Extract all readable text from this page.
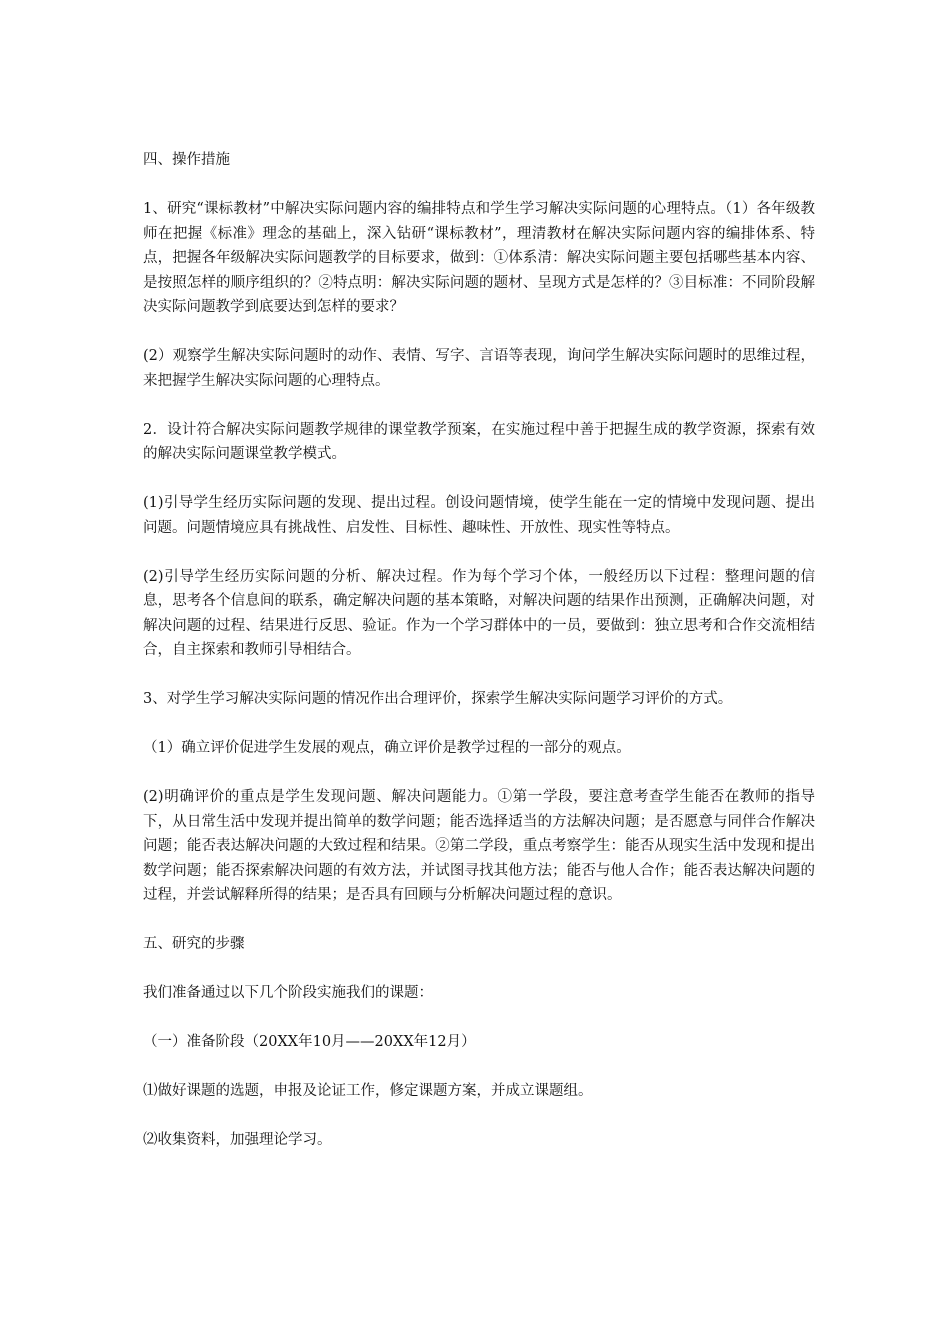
四、操作措施

1、研究“课标教材”中解决实际问题内容的编排特点和学生学习解决实际问题的心理特点。（1）各年级教师在把握《标准》理念的基础上，深入钻研“课标教材”，理清教材在解决实际问题内容的编排体系、特点，把握各年级解决实际问题教学的目标要求，做到：①体系清：解决实际问题主要包括哪些基本内容、是按照怎样的顺序组织的？②特点明：解决实际问题的题材、呈现方式是怎样的？③目标准：不同阶段解决实际问题教学到底要达到怎样的要求？

(2）观察学生解决实际问题时的动作、表情、写字、言语等表现，询问学生解决实际问题时的思维过程，来把握学生解决实际问题的心理特点。

2．设计符合解决实际问题教学规律的课堂教学预案，在实施过程中善于把握生成的教学资源，探索有效的解决实际问题课堂教学模式。

(1)引导学生经历实际问题的发现、提出过程。创设问题情境，使学生能在一定的情境中发现问题、提出问题。问题情境应具有挑战性、启发性、目标性、趣味性、开放性、现实性等特点。

(2)引导学生经历实际问题的分析、解决过程。作为每个学习个体，一般经历以下过程：整理问题的信息，思考各个信息间的联系，确定解决问题的基本策略，对解决问题的结果作出预测，正确解决问题，对解决问题的过程、结果进行反思、验证。作为一个学习群体中的一员，要做到：独立思考和合作交流相结合，自主探索和教师引导相结合。

3、对学生学习解决实际问题的情况作出合理评价，探索学生解决实际问题学习评价的方式。

（1）确立评价促进学生发展的观点，确立评价是教学过程的一部分的观点。

(2)明确评价的重点是学生发现问题、解决问题能力。①第一学段，要注意考查学生能否在教师的指导下，从日常生活中发现并提出简单的数学问题；能否选择适当的方法解决问题；是否愿意与同伴合作解决问题；能否表达解决问题的大致过程和结果。②第二学段，重点考察学生：能否从现实生活中发现和提出数学问题；能否探索解决问题的有效方法，并试图寻找其他方法；能否与他人合作；能否表达解决问题的过程，并尝试解释所得的结果；是否具有回顾与分析解决问题过程的意识。

五、研究的步骤

我们准备通过以下几个阶段实施我们的课题：

（一）准备阶段（20XX年10月——20XX年12月）

⑴做好课题的选题，申报及论证工作，修定课题方案，并成立课题组。

⑵收集资料，加强理论学习。
